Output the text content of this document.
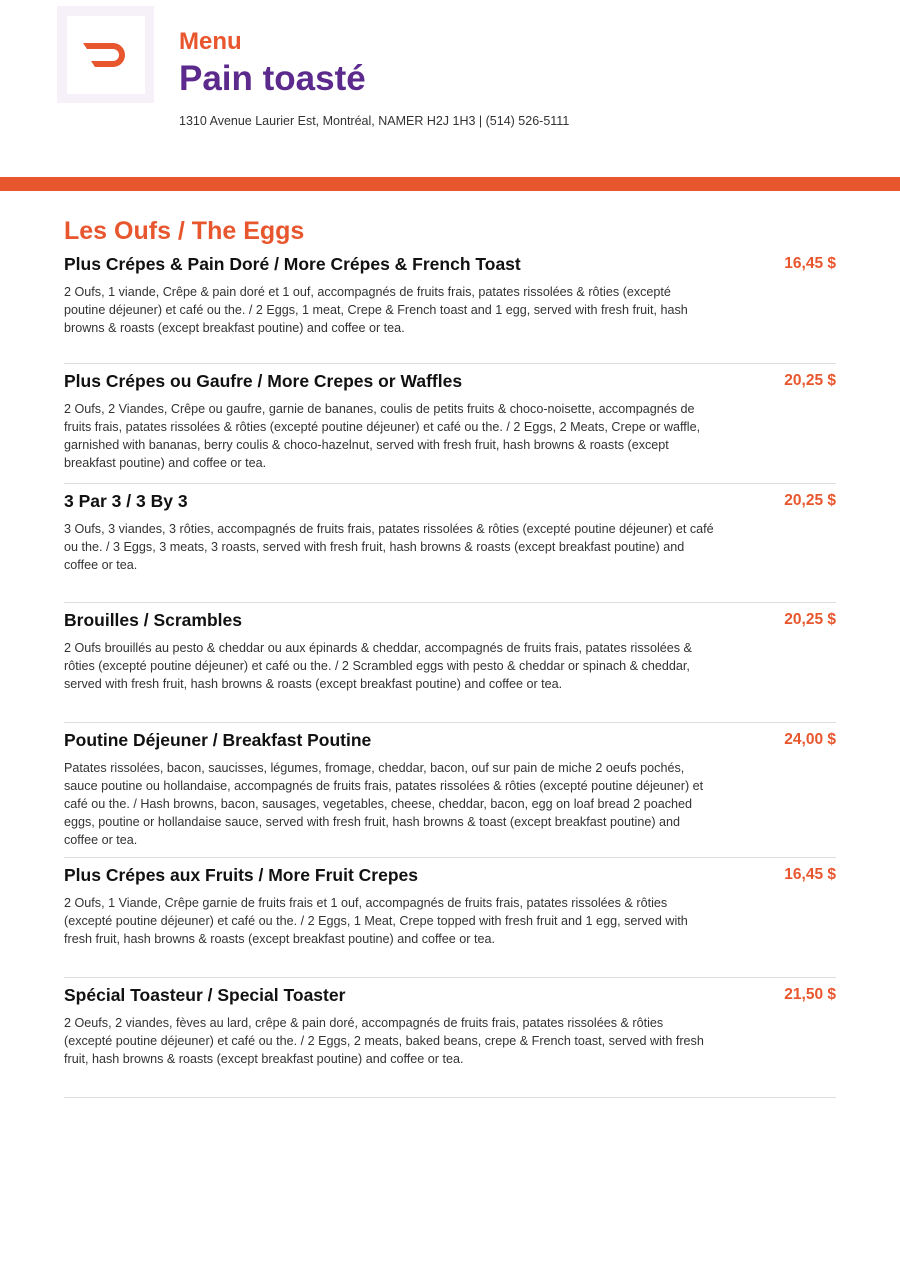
Menu
Pain toasté
1310 Avenue Laurier Est, Montréal, NAMER H2J 1H3 | (514) 526-5111
Les Oufs / The Eggs
16,45 $
Plus Crépes & Pain Doré / More Crépes & French Toast
2 Oufs, 1 viande, Crêpe & pain doré et 1 ouf, accompagnés de fruits frais, patates rissolées & rôties (excepté poutine déjeuner) et café ou the. / 2 Eggs, 1 meat, Crepe & French toast and 1 egg, served with fresh fruit, hash browns & roasts (except breakfast poutine) and coffee or tea.
20,25 $
Plus Crépes ou Gaufre / More Crepes or Waffles
2 Oufs, 2 Viandes, Crêpe ou gaufre, garnie de bananes, coulis de petits fruits & choco-noisette, accompagnés de fruits frais, patates rissolées & rôties (excepté poutine déjeuner) et café ou the. / 2 Eggs, 2 Meats, Crepe or waffle, garnished with bananas, berry coulis & choco-hazelnut, served with fresh fruit, hash browns & roasts (except breakfast poutine) and coffee or tea.
20,25 $
3 Par 3 / 3 By 3
3 Oufs, 3 viandes, 3 rôties, accompagnés de fruits frais, patates rissolées & rôties (excepté poutine déjeuner) et café ou the. / 3 Eggs, 3 meats, 3 roasts, served with fresh fruit, hash browns & roasts (except breakfast poutine) and coffee or tea.
20,25 $
Brouilles / Scrambles
2 Oufs brouillés au pesto & cheddar ou aux épinards & cheddar, accompagnés de fruits frais, patates rissolées & rôties (excepté poutine déjeuner) et café ou the. / 2 Scrambled eggs with pesto & cheddar or spinach & cheddar, served with fresh fruit, hash browns & roasts (except breakfast poutine) and coffee or tea.
24,00 $
Poutine Déjeuner / Breakfast Poutine
Patates rissolées, bacon, saucisses, légumes, fromage, cheddar, bacon, ouf sur pain de miche 2 oeufs pochés, sauce poutine ou hollandaise, accompagnés de fruits frais, patates rissolées & rôties (excepté poutine déjeuner) et café ou the. / Hash browns, bacon, sausages, vegetables, cheese, cheddar, bacon, egg on loaf bread 2 poached eggs, poutine or hollandaise sauce, served with fresh fruit, hash browns & toast (except breakfast poutine) and coffee or tea.
16,45 $
Plus Crépes aux Fruits / More Fruit Crepes
2 Oufs, 1 Viande, Crêpe garnie de fruits frais et 1 ouf, accompagnés de fruits frais, patates rissolées & rôties (excepté poutine déjeuner) et café ou the. / 2 Eggs, 1 Meat, Crepe topped with fresh fruit and 1 egg, served with fresh fruit, hash browns & roasts (except breakfast poutine) and coffee or tea.
21,50 $
Spécial Toasteur / Special Toaster
2 Oeufs, 2 viandes, fèves au lard, crêpe & pain doré, accompagnés de fruits frais, patates rissolées & rôties (excepté poutine déjeuner) et café ou the. / 2 Eggs, 2 meats, baked beans, crepe & French toast, served with fresh fruit, hash browns & roasts (except breakfast poutine) and coffee or tea.
